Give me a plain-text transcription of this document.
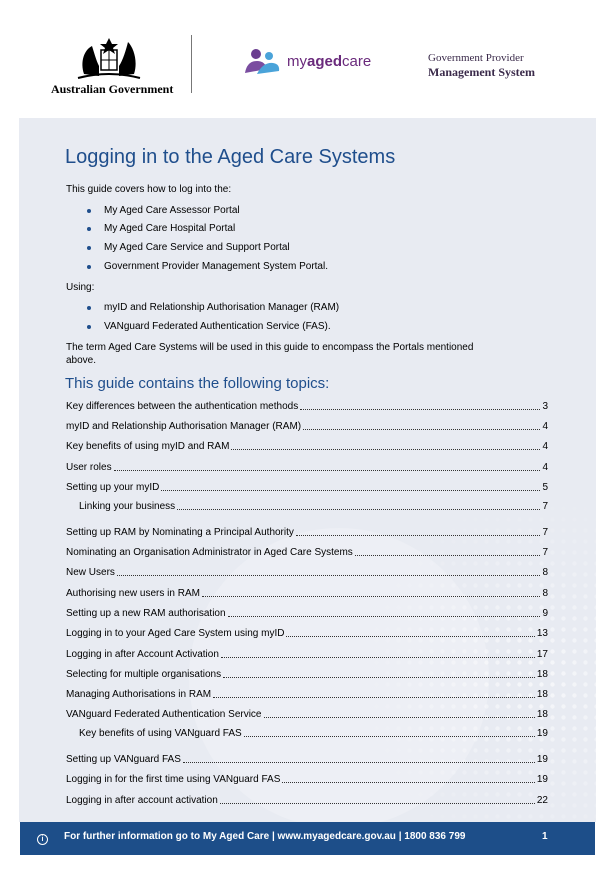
Australian Government
myagedcare	Government Provider
Management System
Logging in to the Aged Care Systems
This guide covers how to log into the:
My Aged Care Assessor Portal
My Aged Care Hospital Portal
My Aged Care Service and Support Portal
Government Provider Management System Portal.
Using:
myID and Relationship Authorisation Manager (RAM)
VANguard Federated Authentication Service (FAS).
The term Aged Care Systems will be used in this guide to encompass the Portals mentioned
above.
This guide contains the following topics:
Key differences between the authentication methods	3
myID and Relationship Authorisation Manager (RAM)	4
Key benefits of using myID and RAM	4
User roles	4
Setting up your myID	5
Linking your business	7
Setting up RAM by Nominating a Principal Authority	7
Nominating an Organisation Administrator in Aged Care Systems	7
New Users	8
Authorising new users in RAM	8
Setting up a new RAM authorisation	9
Logging in to your Aged Care System using myID	13
Logging in after Account Activation	17
Selecting for multiple organisations	18
Managing Authorisations in RAM	18
VANguard Federated Authentication Service	18
Key benefits of using VANguard FAS	19
Setting up VANguard FAS	19
Logging in for the first time using VANguard FAS	19
Logging in after account activation	22
i	For further information go to My Aged Care | www.myagedcare.gov.au | 1800 836 799	1
